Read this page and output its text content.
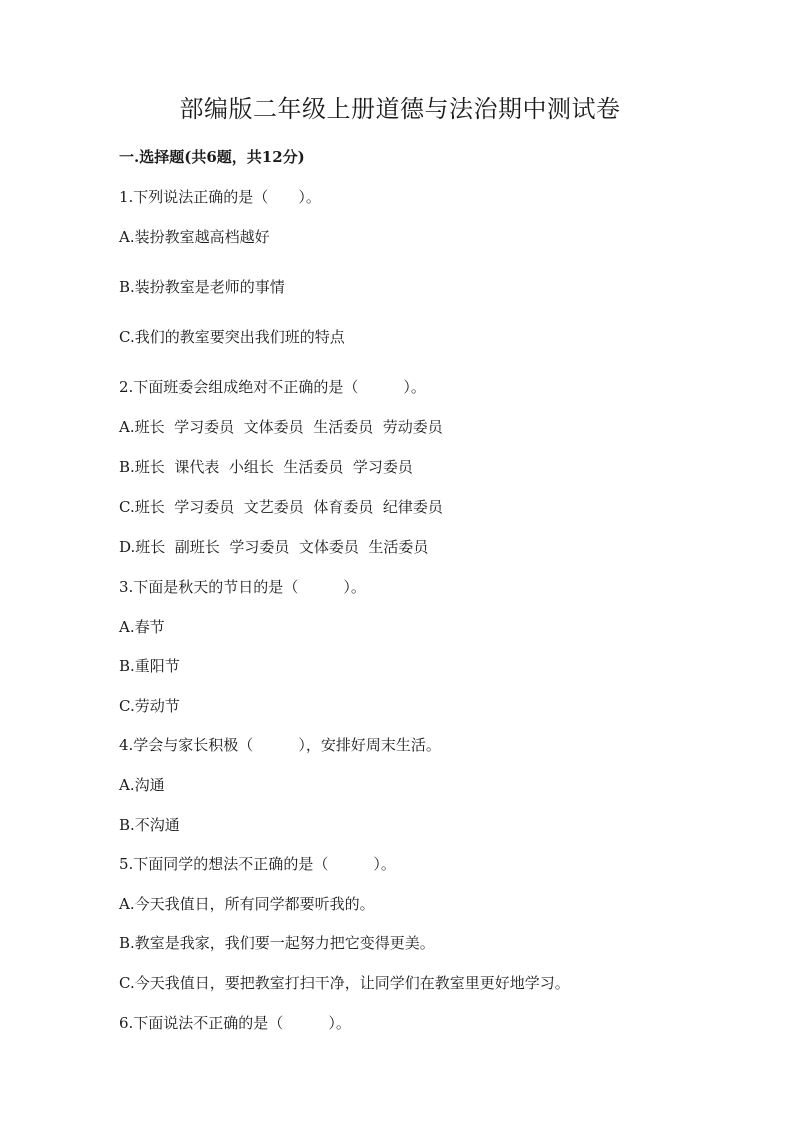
部编版二年级上册道德与法治期中测试卷
一.选择题(共6题，共12分)
1.下列说法正确的是（　　）。
A.装扮教室越高档越好
B.装扮教室是老师的事情
C.我们的教室要突出我们班的特点
2.下面班委会组成绝对不正确的是（　　　）。
A.班长  学习委员  文体委员  生活委员  劳动委员
B.班长  课代表  小组长  生活委员  学习委员
C.班长  学习委员  文艺委员  体育委员  纪律委员
D.班长  副班长  学习委员  文体委员  生活委员
3.下面是秋天的节日的是（　　　）。
A.春节
B.重阳节
C.劳动节
4.学会与家长积极（　　　），安排好周末生活。
A.沟通
B.不沟通
5.下面同学的想法不正确的是（　　　）。
A.今天我值日，所有同学都要听我的。
B.教室是我家，我们要一起努力把它变得更美。
C.今天我值日，要把教室打扫干净，让同学们在教室里更好地学习。
6.下面说法不正确的是（　　　）。
